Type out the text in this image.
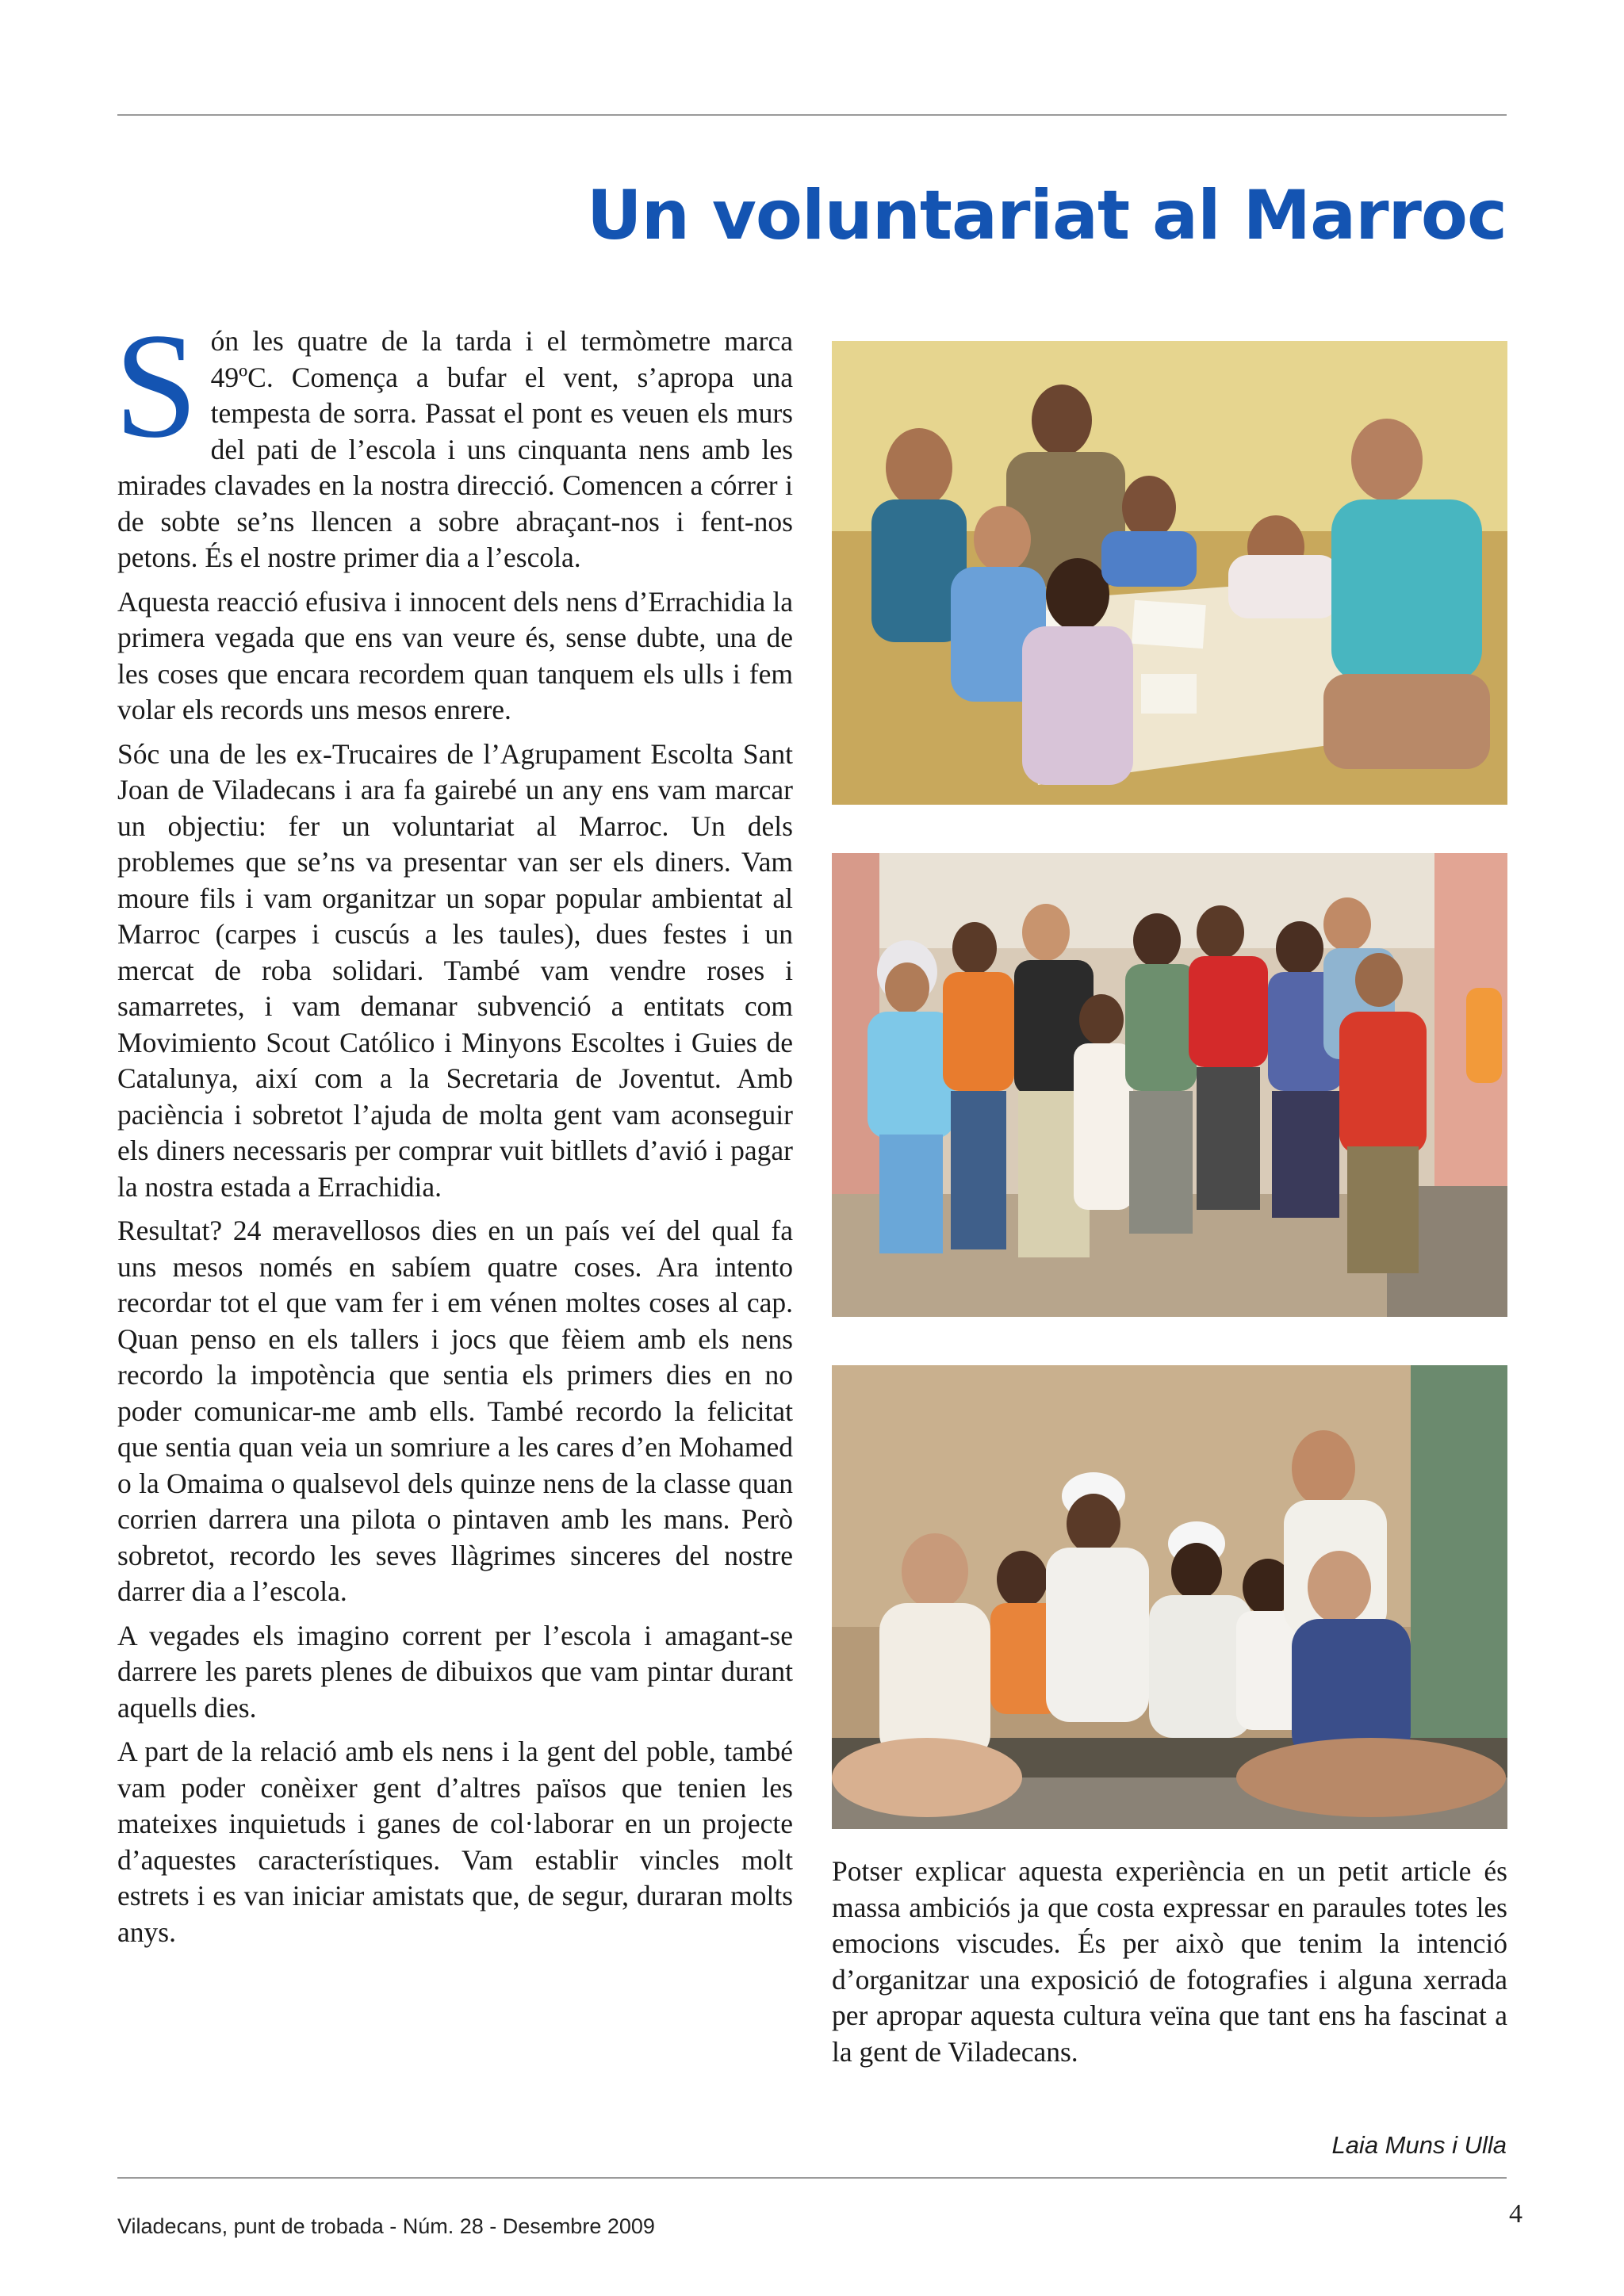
Un voluntariat al Marroc

Són les quatre de la tarda i el termòmetre marca 49ºC. Comença a bufar el vent, s’apropa una tempesta de sorra. Passat el pont es veuen els murs del pati de l’escola i uns cinquanta nens amb les mirades clavades en la nostra direcció. Comencen a córrer i de sobte se’ns llencen a sobre abraçant-nos i fent-nos petons. És el nostre primer dia a l’escola.

Aquesta reacció efusiva i innocent dels nens d’Errachidia la primera vegada que ens van veure és, sense dubte, una de les coses que encara recordem quan tanquem els ulls i fem volar els records uns mesos enrere.

Sóc una de les ex-Trucaires de l’Agrupament Escolta Sant Joan de Viladecans i ara fa gairebé un any ens vam marcar un objectiu: fer un voluntariat al Marroc. Un dels problemes que se’ns va presentar van ser els diners. Vam moure fils i vam organitzar un sopar popular ambientat al Marroc (carpes i cuscús a les taules), dues festes i un mercat de roba solidari. També vam vendre roses i samarretes, i vam demanar subvenció a entitats com Movimiento Scout Católico i Minyons Escoltes i Guies de Catalunya, així com a la Secretaria de Joventut. Amb paciència i sobretot l’ajuda de molta gent vam aconseguir els diners necessaris per comprar vuit bitllets d’avió i pagar la nostra estada a Errachidia.

Resultat? 24 meravellosos dies en un país veí del qual fa uns mesos només en sabíem quatre coses. Ara intento recordar tot el que vam fer i em vénen moltes coses al cap. Quan penso en els tallers i jocs que fèiem amb els nens recordo la impotència que sentia els primers dies en no poder comunicar-me amb ells. També recordo la felicitat que sentia quan veia un somriure a les cares d’en Mohamed o la Omaima o qualsevol dels quinze nens de la classe quan corrien darrera una pilota o pintaven amb les mans. Però sobretot, recordo les seves llàgrimes sinceres del nostre darrer dia a l’escola.

A vegades els imagino corrent per l’escola i amagant-se darrere les parets plenes de dibuixos que vam pintar durant aquells dies.

A part de la relació amb els nens i la gent del poble, també vam poder conèixer gent d’altres països que tenien les mateixes inquietuds i ganes de col·laborar en un projecte d’aquestes característiques. Vam establir vincles molt estrets i es van iniciar amistats que, de segur, duraran molts anys.

Potser explicar aquesta experiència en un petit article és massa ambiciós ja que costa expressar en paraules totes les emocions viscudes. És per això que tenim la intenció d’organitzar una exposició de fotografies i alguna xerrada per apropar aquesta cultura veïna que tant ens ha fascinat a la gent de Viladecans.

Laia Muns i Ulla
Viladecans, punt de trobada - Núm. 28 - Desembre 2009	4
